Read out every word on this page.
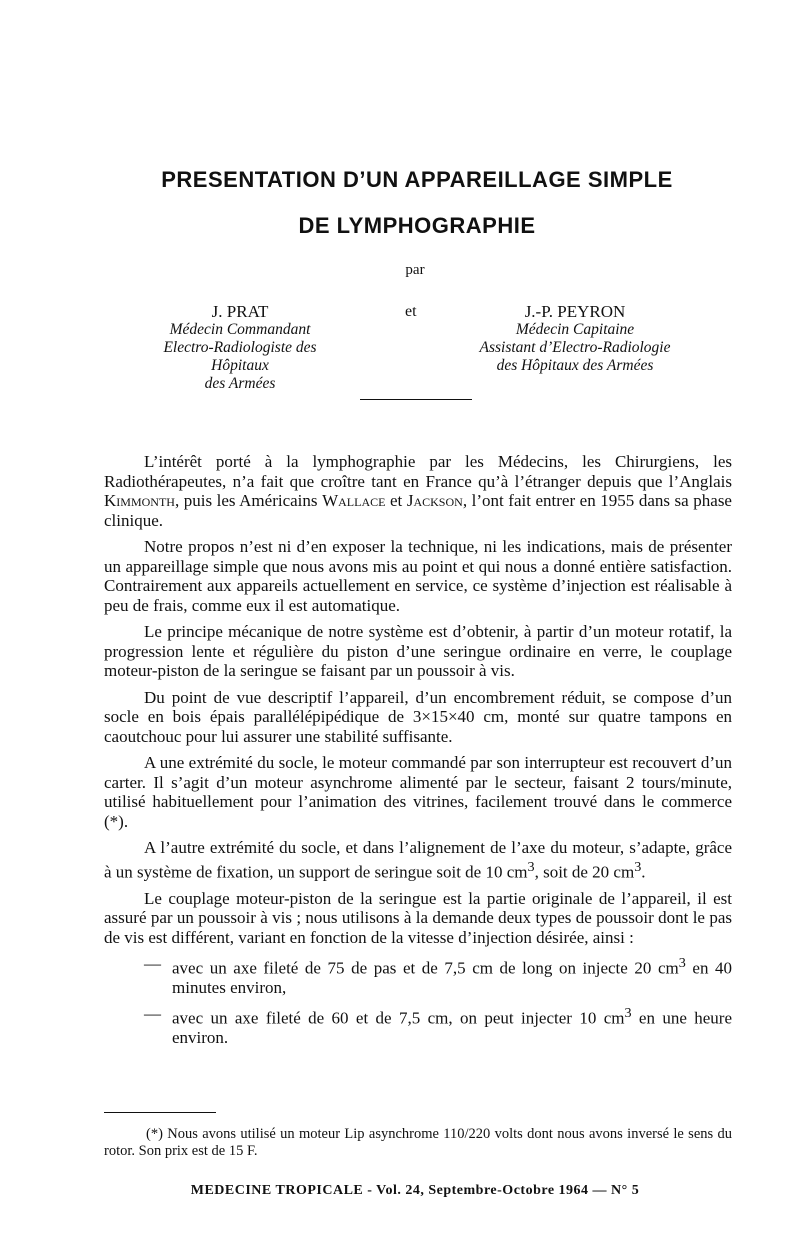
PRESENTATION D’UN APPAREILLAGE SIMPLE
DE LYMPHOGRAPHIE
par
J. PRAT
Médecin Commandant
Electro-Radiologiste des Hôpitaux
des Armées
et	J.-P. PEYRON
Médecin Capitaine
Assistant d’Electro-Radiologie
des Hôpitaux des Armées

L’intérêt porté à la lymphographie par les Médecins, les Chirurgiens, les Radiothérapeutes, n’a fait que croître tant en France qu’à l’étranger depuis que l’Anglais Kimmonth, puis les Américains Wallace et Jackson, l’ont fait entrer en 1955 dans sa phase clinique.

Notre propos n’est ni d’en exposer la technique, ni les indications, mais de présenter un appareillage simple que nous avons mis au point et qui nous a donné entière satisfaction. Contrairement aux appareils actuellement en service, ce système d’injection est réalisable à peu de frais, comme eux il est automatique.

Le principe mécanique de notre système est d’obtenir, à partir d’un moteur rotatif, la progression lente et régulière du piston d’une seringue ordinaire en verre, le couplage moteur-piston de la seringue se faisant par un poussoir à vis.

Du point de vue descriptif l’appareil, d’un encombrement réduit, se compose d’un socle en bois épais parallélépipédique de 3×15×40 cm, monté sur quatre tampons en caoutchouc pour lui assurer une stabilité suffisante.

A une extrémité du socle, le moteur commandé par son interrupteur est recouvert d’un carter. Il s’agit d’un moteur asynchrome alimenté par le secteur, faisant 2 tours/minute, utilisé habituellement pour l’animation des vitrines, facilement trouvé dans le commerce (*).

A l’autre extrémité du socle, et dans l’alignement de l’axe du moteur, s’adapte, grâce à un système de fixation, un support de seringue soit de 10 $cm^3$, soit de 20 $cm^3$.

Le couplage moteur-piston de la seringue est la partie originale de l’appareil, il est assuré par un poussoir à vis ; nous utilisons à la demande deux types de poussoir dont le pas de vis est différent, variant en fonction de la vitesse d’injection désirée, ainsi :

— avec un axe fileté de 75 de pas et de 7,5 cm de long on injecte 20 $cm^3$ en 40 minutes environ,
— avec un axe fileté de 60 et de 7,5 cm, on peut injecter 10 $cm^3$ en une heure environ.

(*) Nous avons utilisé un moteur Lip asynchrome 110/220 volts dont nous avons inversé le sens du rotor. Son prix est de 15 F.

MEDECINE TROPICALE - Vol. 24, Septembre-Octobre 1964 — N° 5
